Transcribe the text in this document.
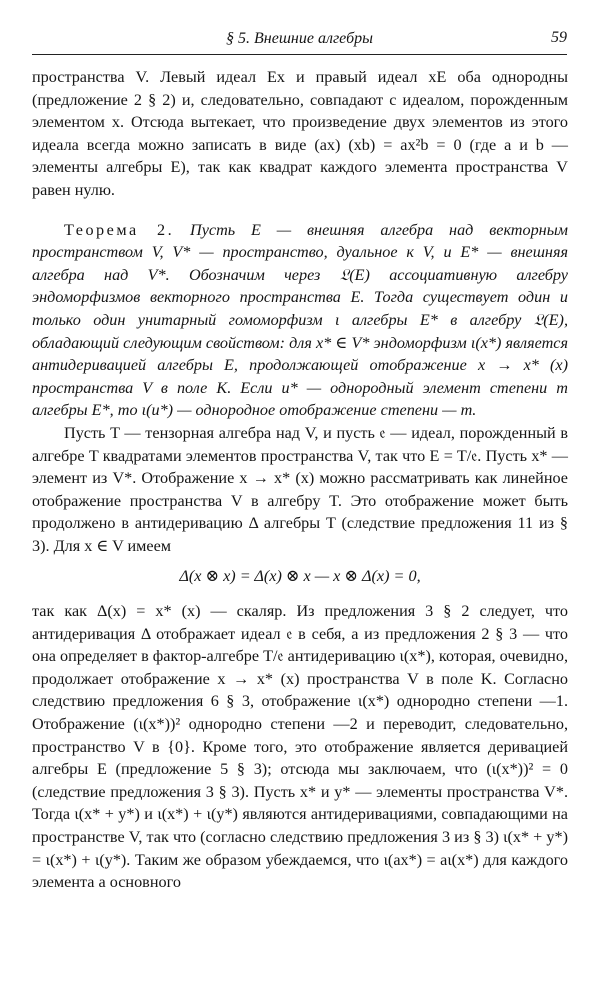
§ 5. Внешние алгебры	59

пространства V. Левый идеал Ex и правый идеал xE оба однородны (предложение 2 § 2) и, следовательно, совпадают с идеалом, порожденным элементом x. Отсюда вытекает, что произведение двух элементов из этого идеала всегда можно записать в виде (ax) (xb) = ax²b = 0 (где a и b — элементы алгебры E), так как квадрат каждого элемента пространства V равен нулю.

Теорема 2. Пусть E — внешняя алгебра над векторным пространством V, V* — пространство, дуальное к V, и E* — внешняя алгебра над V*. Обозначим через 𝔏(E) ассоциативную алгебру эндоморфизмов векторного пространства E. Тогда существует один и только один унитарный гомоморфизм ι алгебры E* в алгебру 𝔏(E), обладающий следующим свойством: для x* ∈ V* эндоморфизм ι(x*) является антидеривацией алгебры E, продолжающей отображение x → x* (x) пространства V в поле K. Если u* — однородный элемент степени m алгебры E*, то ι(u*) — однородное отображение степени — m.

Пусть T — тензорная алгебра над V, и пусть 𝔢 — идеал, порожденный в алгебре T квадратами элементов пространства V, так что E = T/𝔢. Пусть x* — элемент из V*. Отображение x → x* (x) можно рассматривать как линейное отображение пространства V в алгебру T. Это отображение может быть продолжено в антидеривацию Δ алгебры T (следствие предложения 11 из § 3). Для x ∈ V имеем

Δ(x ⊗ x) = Δ(x) ⊗ x — x ⊗ Δ(x) = 0,

так как Δ(x) = x* (x) — скаляр. Из предложения 3 § 2 следует, что антидеривация Δ отображает идеал 𝔢 в себя, а из предложения 2 § 3 — что она определяет в фактор-алгебре T/𝔢 антидеривацию ι(x*), которая, очевидно, продолжает отображение x → x* (x) пространства V в поле K. Согласно следствию предложения 6 § 3, отображение ι(x*) однородно степени —1. Отображение (ι(x*))² однородно степени —2 и переводит, следовательно, пространство V в {0}. Кроме того, это отображение является деривацией алгебры E (предложение 5 § 3); отсюда мы заключаем, что (ι(x*))² = 0 (следствие предложения 3 § 3). Пусть x* и y* — элементы пространства V*. Тогда ι(x* + y*) и ι(x*) + ι(y*) являются антидеривациями, совпадающими на пространстве V, так что (согласно следствию предложения 3 из § 3) ι(x* + y*) = ι(x*) + ι(y*). Таким же образом убеждаемся, что ι(ax*) = aι(x*) для каждого элемента a основного
